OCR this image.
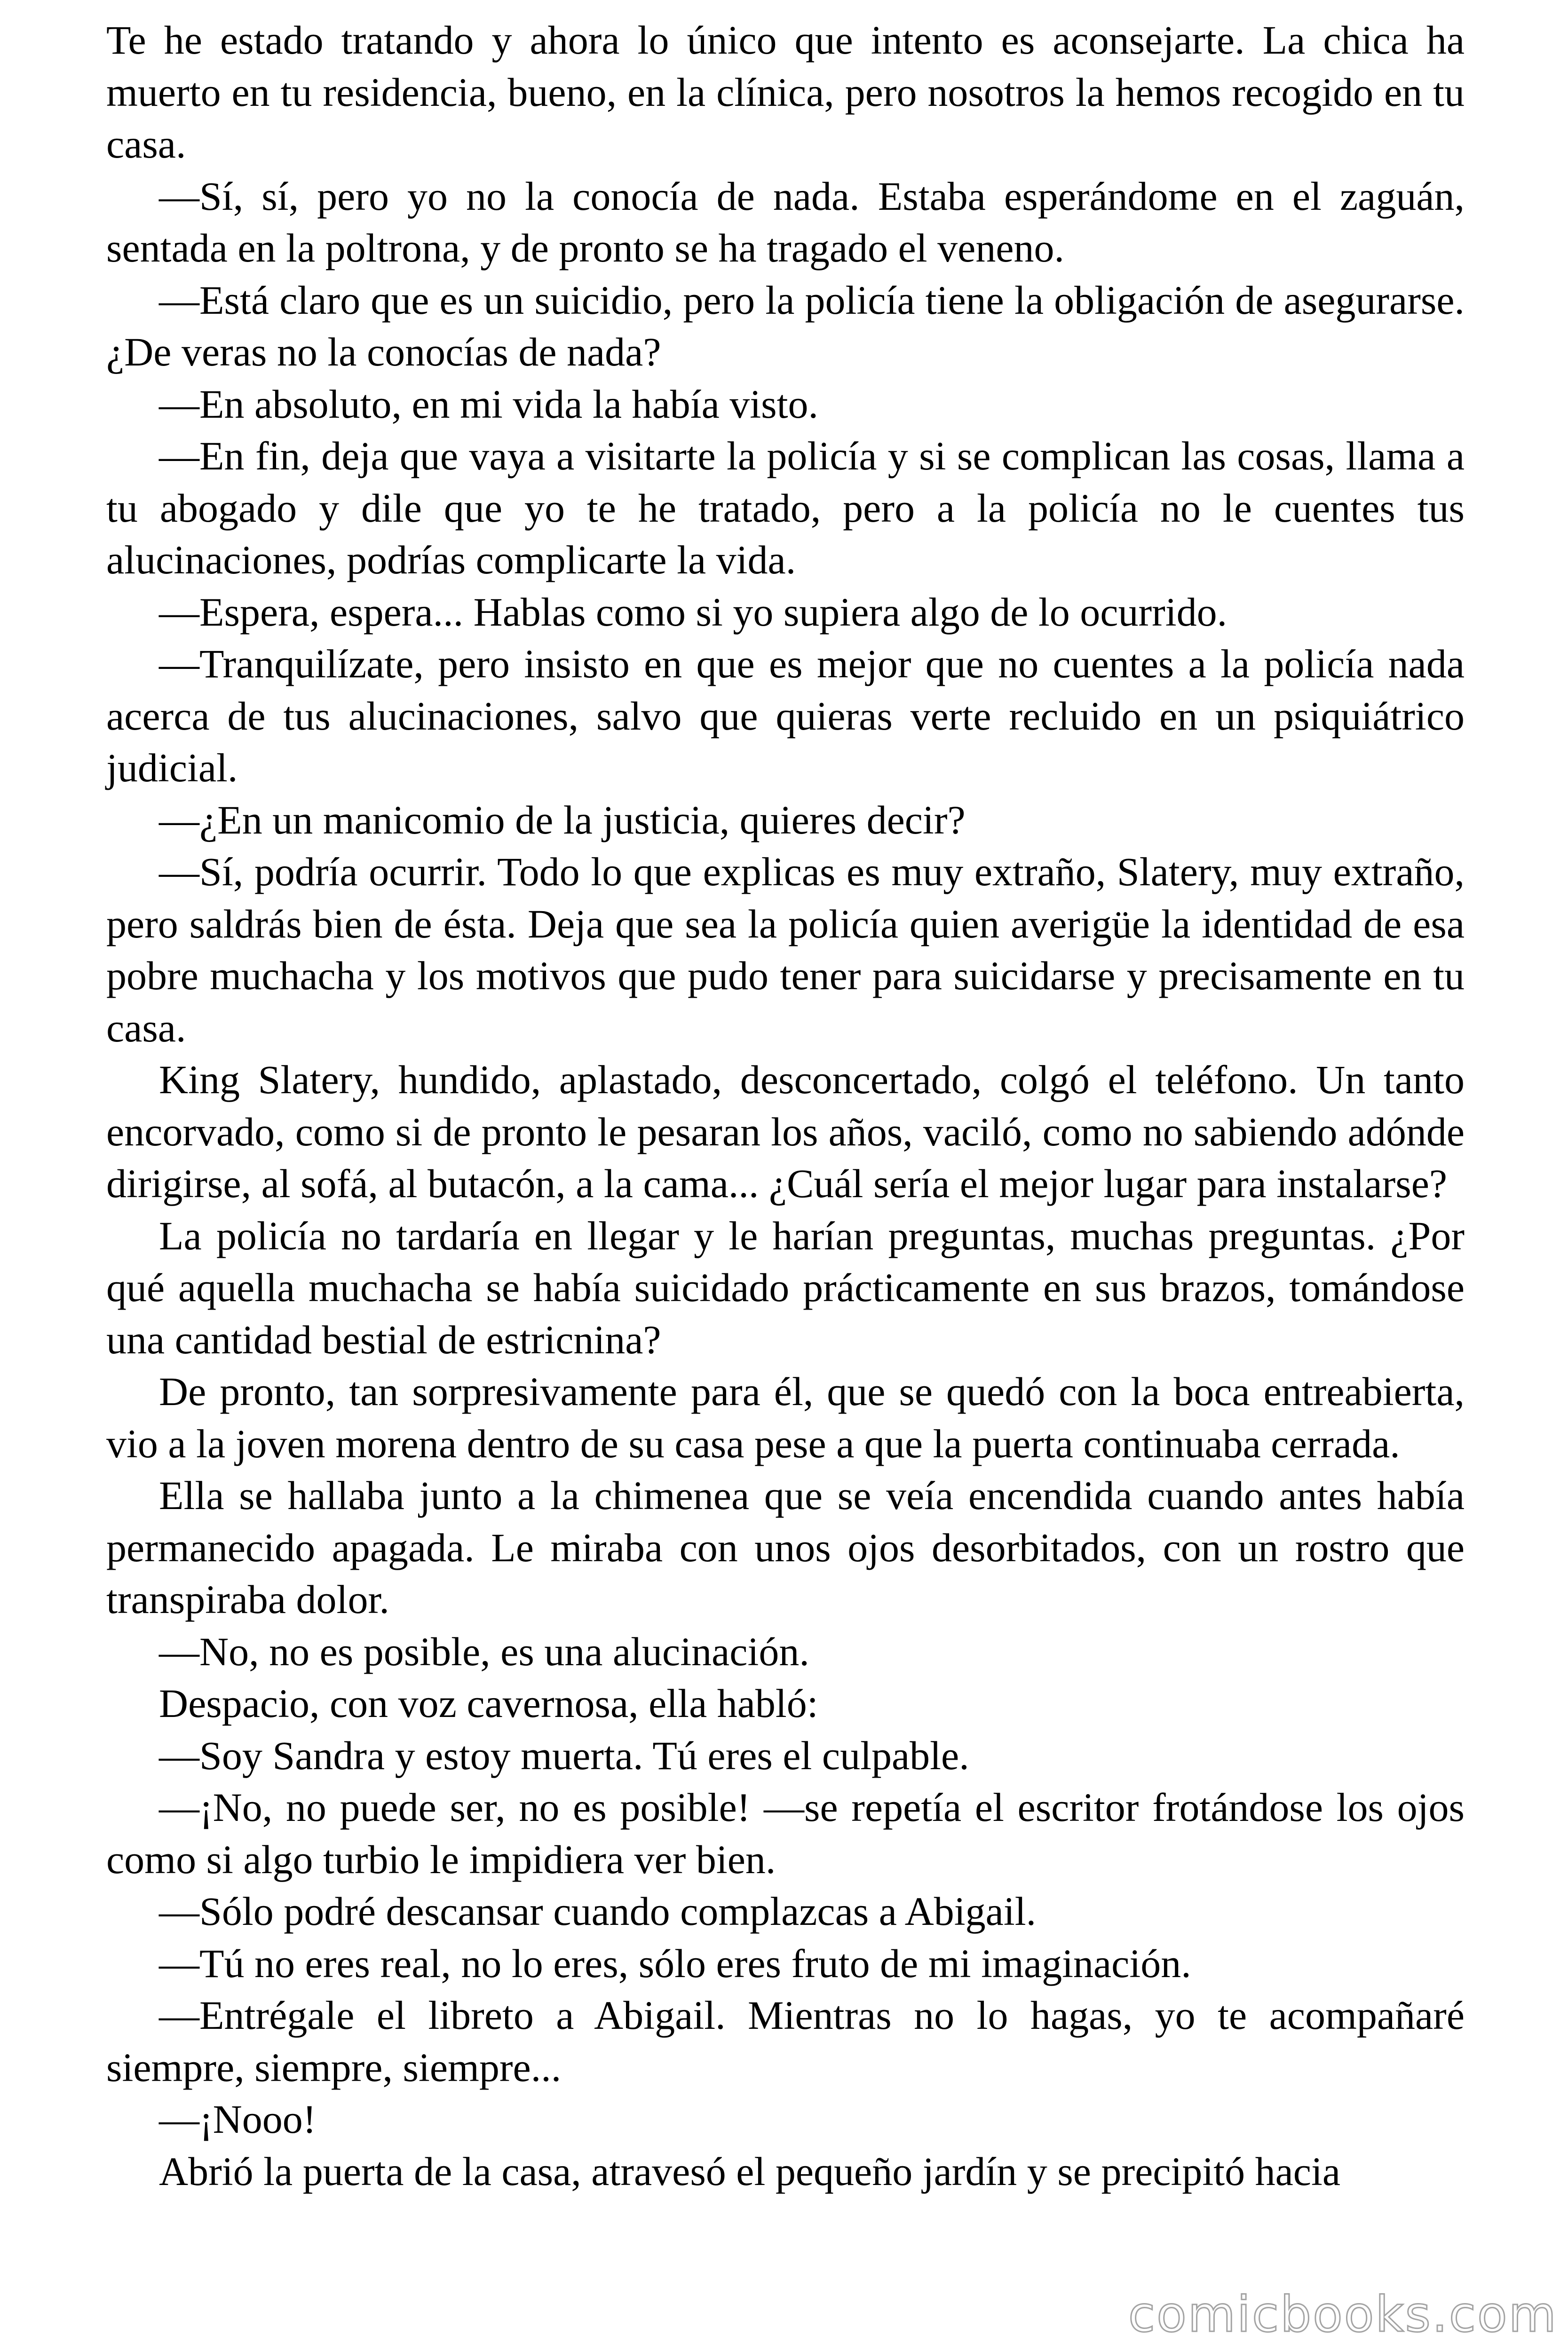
Te he estado tratando y ahora lo único que intento es aconsejarte. La chica ha muerto en tu residencia, bueno, en la clínica, pero nosotros la hemos recogido en tu casa.

—Sí, sí, pero yo no la conocía de nada. Estaba esperándome en el zaguán, sentada en la poltrona, y de pronto se ha tragado el veneno.

—Está claro que es un suicidio, pero la policía tiene la obligación de asegurarse. ¿De veras no la conocías de nada?

—En absoluto, en mi vida la había visto.

—En fin, deja que vaya a visitarte la policía y si se complican las cosas, llama a tu abogado y dile que yo te he tratado, pero a la policía no le cuentes tus alucinaciones, podrías complicarte la vida.

—Espera, espera... Hablas como si yo supiera algo de lo ocurrido.

—Tranquilízate, pero insisto en que es mejor que no cuentes a la policía nada acerca de tus alucinaciones, salvo que quieras verte recluido en un psiquiátrico judicial.

—¿En un manicomio de la justicia, quieres decir?

—Sí, podría ocurrir. Todo lo que explicas es muy extraño, Slatery, muy extraño, pero saldrás bien de ésta. Deja que sea la policía quien averigüe la identidad de esa pobre muchacha y los motivos que pudo tener para suicidarse y precisamente en tu casa.

King Slatery, hundido, aplastado, desconcertado, colgó el teléfono. Un tanto encorvado, como si de pronto le pesaran los años, vaciló, como no sabiendo adónde dirigirse, al sofá, al butacón, a la cama... ¿Cuál sería el mejor lugar para instalarse?

La policía no tardaría en llegar y le harían preguntas, muchas preguntas. ¿Por qué aquella muchacha se había suicidado prácticamente en sus brazos, tomándose una cantidad bestial de estricnina?

De pronto, tan sorpresivamente para él, que se quedó con la boca entreabierta, vio a la joven morena dentro de su casa pese a que la puerta continuaba cerrada.

Ella se hallaba junto a la chimenea que se veía encendida cuando antes había permanecido apagada. Le miraba con unos ojos desorbitados, con un rostro que transpiraba dolor.

—No, no es posible, es una alucinación.

Despacio, con voz cavernosa, ella habló:

—Soy Sandra y estoy muerta. Tú eres el culpable.

—¡No, no puede ser, no es posible! —se repetía el escritor frotándose los ojos como si algo turbio le impidiera ver bien.

—Sólo podré descansar cuando complazcas a Abigail.

—Tú no eres real, no lo eres, sólo eres fruto de mi imaginación.

—Entrégale el libreto a Abigail. Mientras no lo hagas, yo te acompañaré siempre, siempre, siempre...

—¡Nooo!

Abrió la puerta de la casa, atravesó el pequeño jardín y se precipitó hacia

comicbooks.com
